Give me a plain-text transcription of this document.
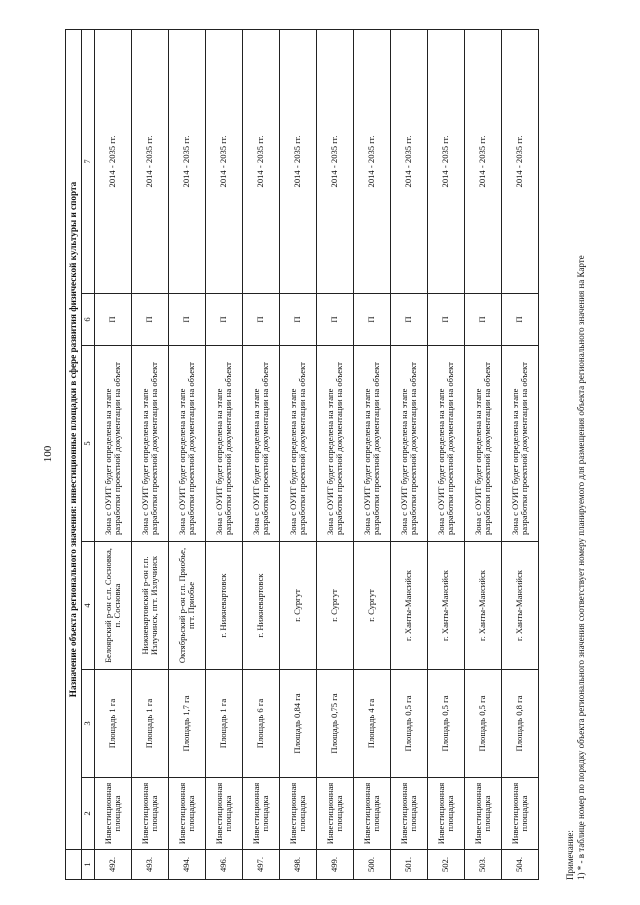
100
		Назначение объекта регионального значения: инвестиционные площадки в сфере развития физической культуры и спорта					
1	2	3	4	5	6	7
492.	Инвестиционная площадка	Площадь 1 га	Белоярский р-он с.п. Сосновка, п. Сосновка	Зона с ОУИТ будет определена на этапе разработки проектной документации на объект	П	2014 - 2035 гг.
493.	Инвестиционная площадка	Площадь 1 га	Нижневартовский р-он г.п. Излучинск, пгт. Излучинск	Зона с ОУИТ будет определена на этапе разработки проектной документации на объект	П	2014 - 2035 гг.
494.	Инвестиционная площадка	Площадь 1,7 га	Октябрьский р-он г.п. Приобье, пгт. Приобье	Зона с ОУИТ будет определена на этапе разработки проектной документации на объект	П	2014 - 2035 гг.
496.	Инвестиционная площадка	Площадь 1 га	г. Нижневартовск	Зона с ОУИТ будет определена на этапе разработки проектной документации на объект	П	2014 - 2035 гг.
497.	Инвестиционная площадка	Площадь 6 га	г. Нижневартовск	Зона с ОУИТ будет определена на этапе разработки проектной документации на объект	П	2014 - 2035 гг.
498.	Инвестиционная площадка	Площадь 0,84 га	г. Сургут	Зона с ОУИТ будет определена на этапе разработки проектной документации на объект	П	2014 - 2035 гг.
499.	Инвестиционная площадка	Площадь 0,75 га	г. Сургут	Зона с ОУИТ будет определена на этапе разработки проектной документации на объект	П	2014 - 2035 гг.
500.	Инвестиционная площадка	Площадь 4 га	г. Сургут	Зона с ОУИТ будет определена на этапе разработки проектной документации на объект	П	2014 - 2035 гг.
501.	Инвестиционная площадка	Площадь 0,5 га	г. Ханты-Мансийск	Зона с ОУИТ будет определена на этапе разработки проектной документации на объект	П	2014 - 2035 гг.
502.	Инвестиционная площадка	Площадь 0,5 га	г. Ханты-Мансийск	Зона с ОУИТ будет определена на этапе разработки проектной документации на объект	П	2014 - 2035 гг.
503.	Инвестиционная площадка	Площадь 0,5 га	г. Ханты-Мансийск	Зона с ОУИТ будет определена на этапе разработки проектной документации на объект	П	2014 - 2035 гг.
504.	Инвестиционная площадка	Площадь 0,8 га	г. Ханты-Мансийск	Зона с ОУИТ будет определена на этапе разработки проектной документации на объект	П	2014 - 2035 гг.
Примечание: 1) * - в таблице номер по порядку объекта регионального значения соответствует номеру планируемого для размещения объекта регионального значения на Карте
